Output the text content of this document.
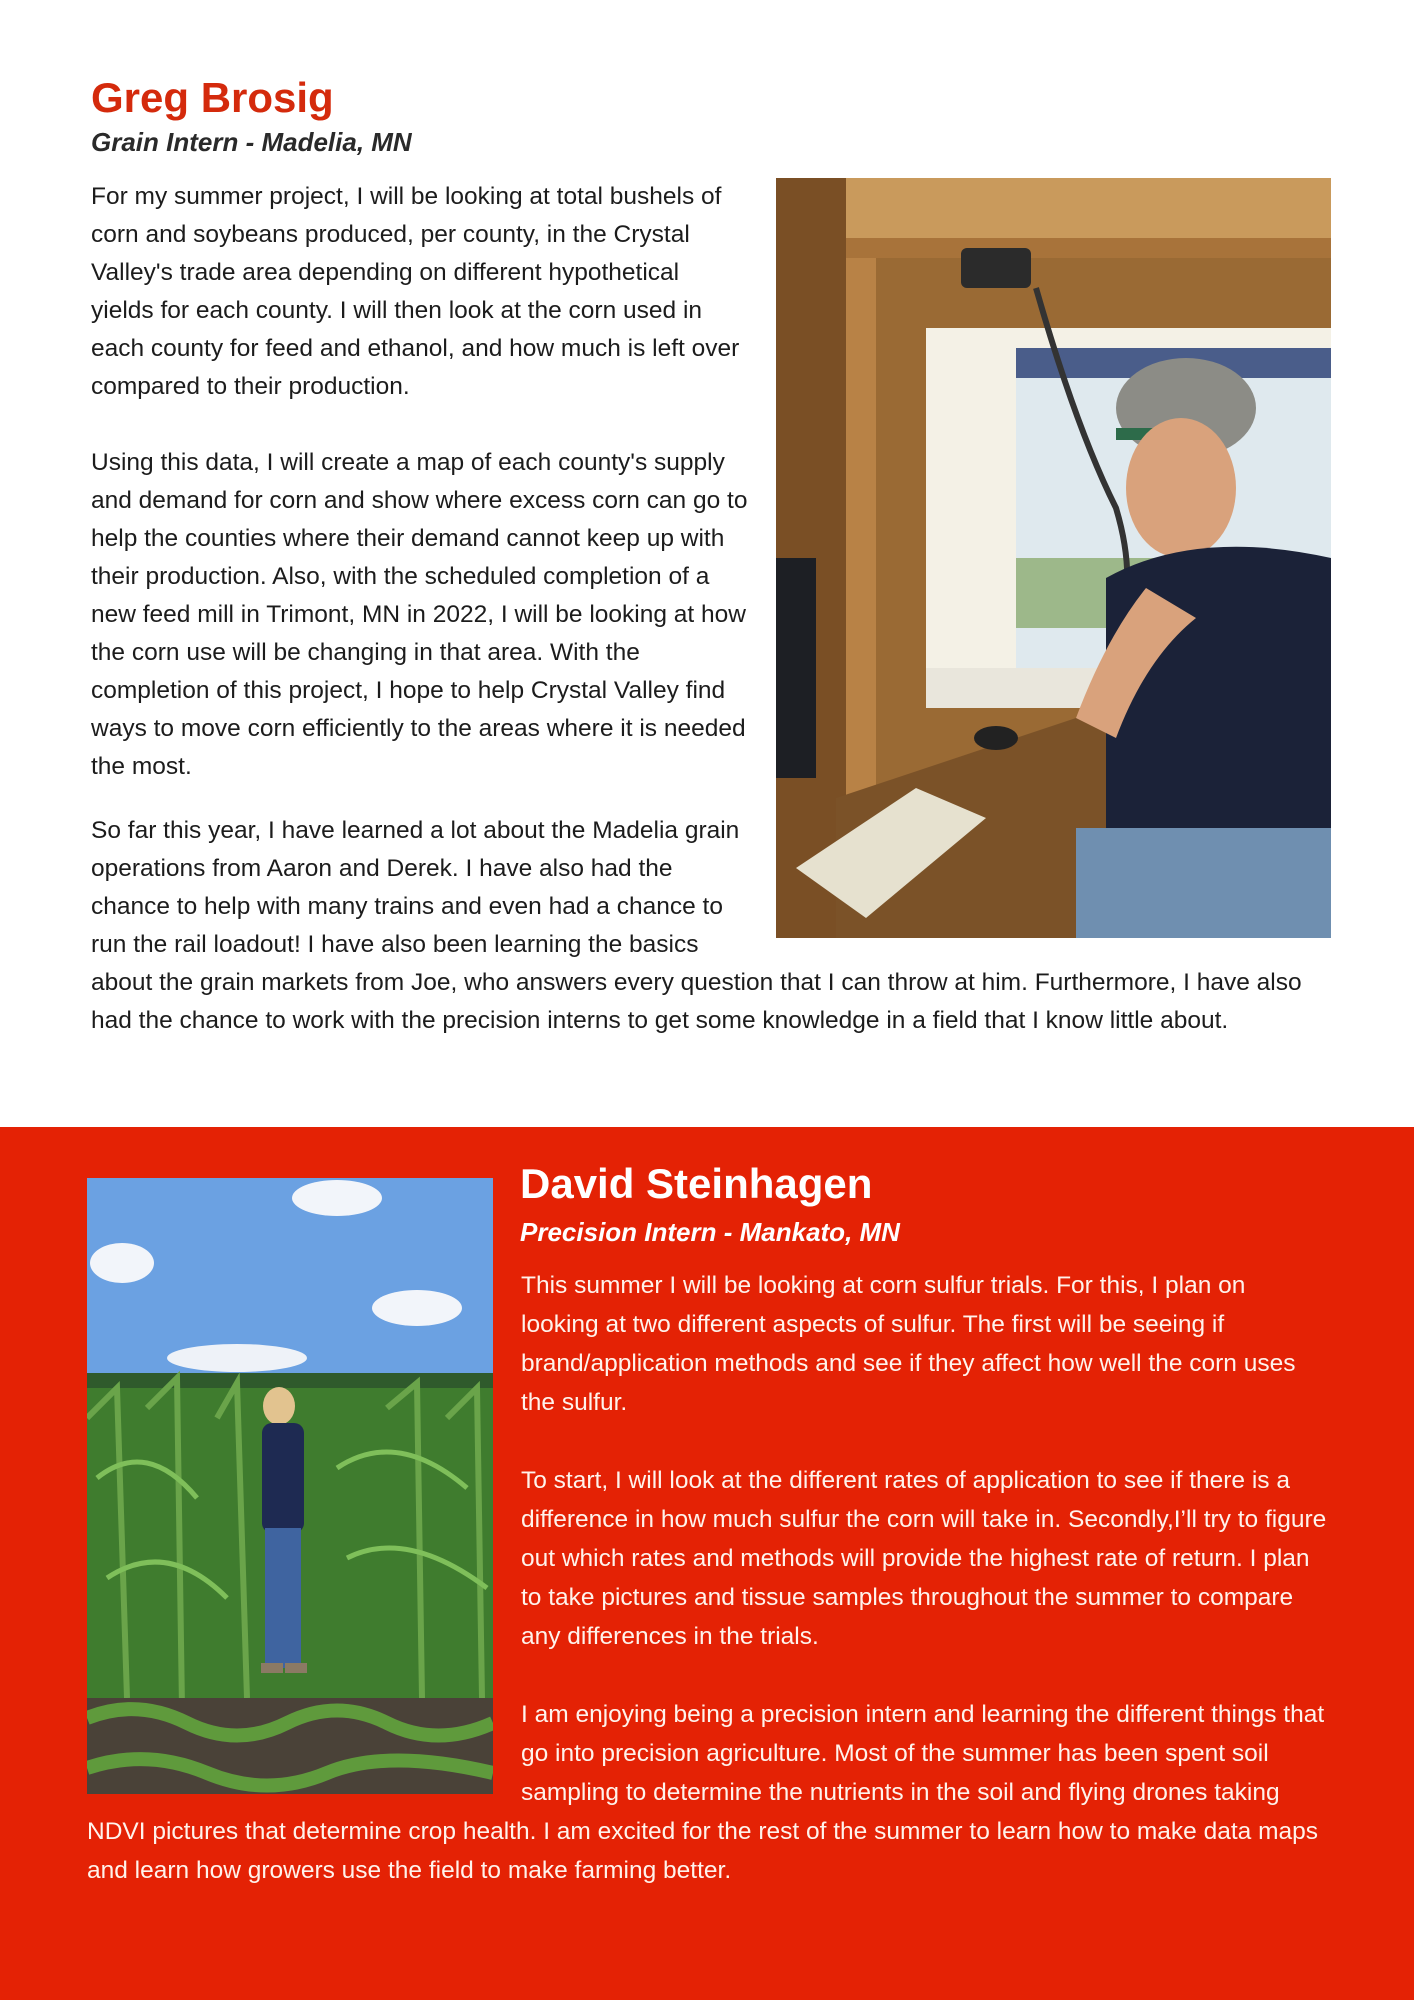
Greg Brosig
Grain Intern - Madelia, MN

For my summer project, I will be looking at total bushels of corn and soybeans produced, per county, in the Crystal Valley's trade area depending on different hypothetical yields for each county. I will then look at the corn used in each county for feed and ethanol, and how much is left over compared to their production.

Using this data, I will create a map of each county's supply and demand for corn and show where excess corn can go to help the counties where their demand cannot keep up with their production. Also, with the scheduled completion of a new feed mill in Trimont, MN in 2022, I will be looking at how the corn use will be changing in that area. With the completion of this project, I hope to help Crystal Valley find ways to move corn efficiently to the areas where it is needed the most.

So far this year, I have learned a lot about the Madelia grain operations from Aaron and Derek. I have also had the chance to help with many trains and even had a chance to run the rail loadout! I have also been learning the basics about the grain markets from Joe, who answers every question that I can throw at him. Furthermore, I have also had the chance to work with the precision interns to get some knowledge in a field that I know little about.

David Steinhagen
Precision Intern - Mankato, MN

This summer I will be looking at corn sulfur trials. For this, I plan on looking at two different aspects of sulfur. The first will be seeing if brand/application methods and see if they affect how well the corn uses the sulfur.

To start, I will look at the different rates of application to see if there is a difference in how much sulfur the corn will take in. Secondly,I’ll try to figure out which rates and methods will provide the highest rate of return. I plan to take pictures and tissue samples throughout the summer to compare any differences in the trials.

I am enjoying being a precision intern and learning the different things that go into precision agriculture. Most of the summer has been spent soil sampling to determine the nutrients in the soil and flying drones taking NDVI pictures that determine crop health. I am excited for the rest of the summer to learn how to make data maps and learn how growers use the field to make farming better.
